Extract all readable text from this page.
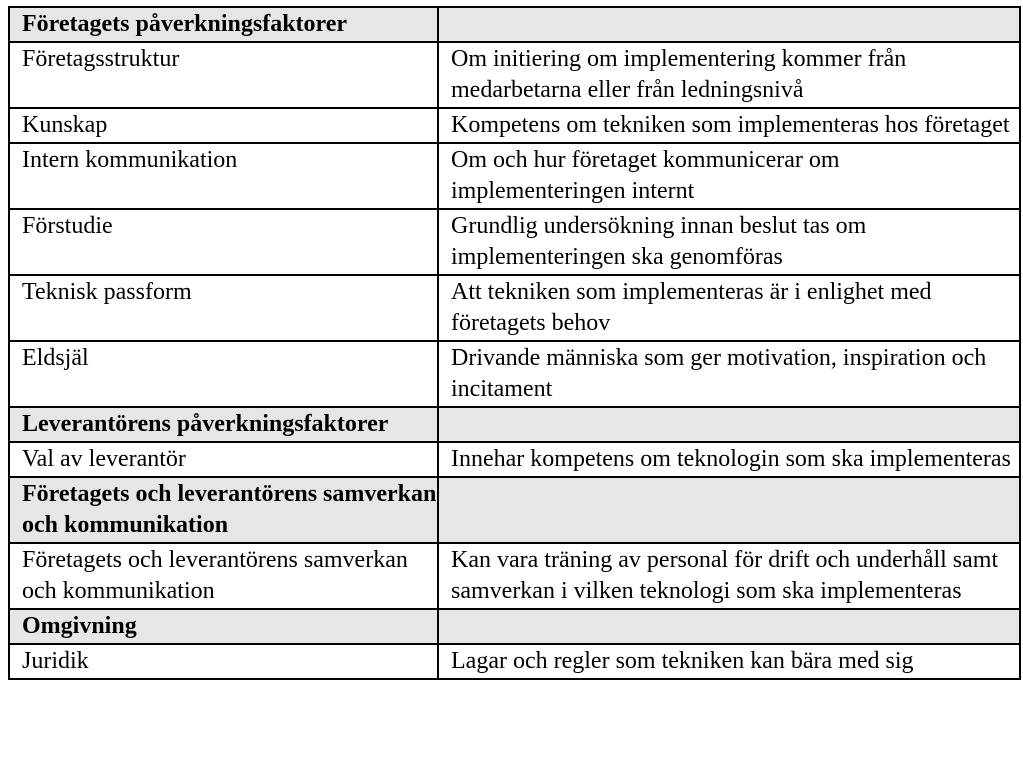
Företagets påverkningsfaktorer	
Företagsstruktur	Om initiering om implementering kommer från medarbetarna eller från ledningsnivå
Kunskap	Kompetens om tekniken som implementeras hos företaget
Intern kommunikation	Om och hur företaget kommunicerar om implementeringen internt
Förstudie	Grundlig undersökning innan beslut tas om implementeringen ska genomföras
Teknisk passform	Att tekniken som implementeras är i enlighet med företagets behov
Eldsjäl	Drivande människa som ger motivation, inspiration och incitament
Leverantörens påverkningsfaktorer	
Val av leverantör	Innehar kompetens om teknologin som ska implementeras
Företagets och leverantörens samverkan och kommunikation	
Företagets och leverantörens samverkan och kommunikation	Kan vara träning av personal för drift och underhåll samt samverkan i vilken teknologi som ska implementeras
Omgivning	
Juridik	Lagar och regler som tekniken kan bära med sig
